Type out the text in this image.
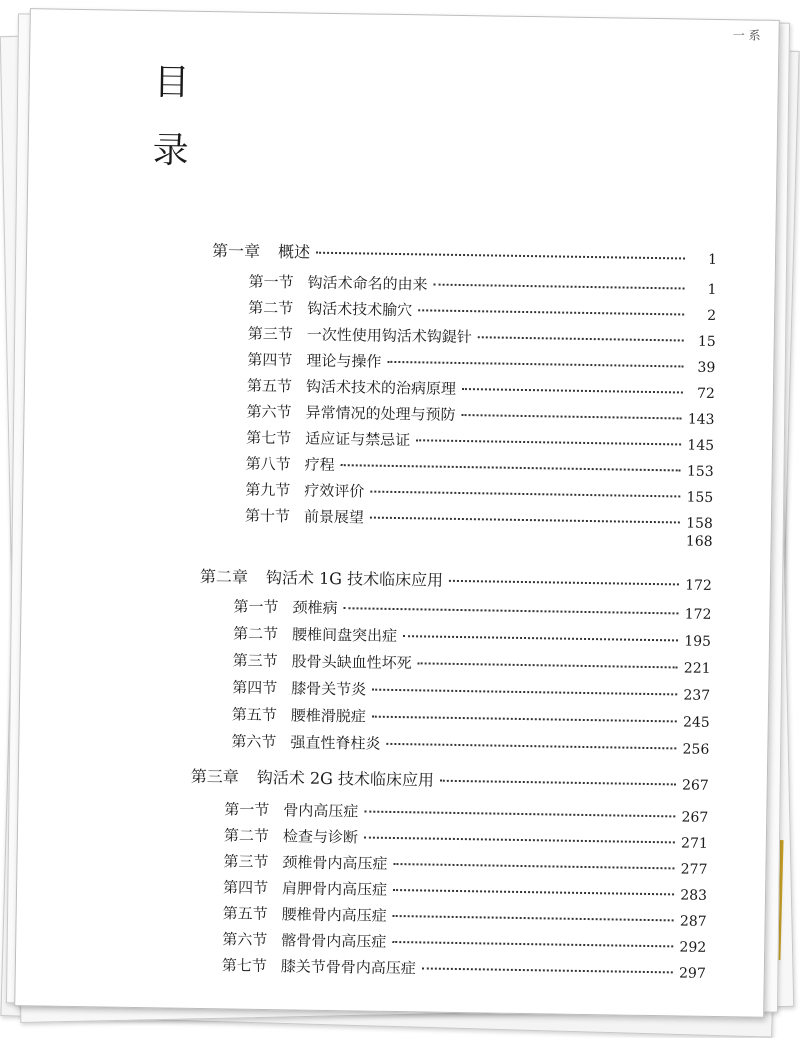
一 系
目
录
第一章 概述	1
第一节 钩活术命名的由来	1
第二节 钩活术技术腧穴	2
第三节 一次性使用钩活术钩鍉针	15
第四节 理论与操作	39
第五节 钩活术技术的治病原理	72
第六节 异常情况的处理与预防	143
第七节 适应证与禁忌证	145
第八节 疗程	153
第九节 疗效评价	155
第十节 前景展望	158
168
第二章 钩活术 1G 技术临床应用	172
第一节 颈椎病	172
第二节 腰椎间盘突出症	195
第三节 股骨头缺血性坏死	221
第四节 膝骨关节炎	237
第五节 腰椎滑脱症	245
第六节 强直性脊柱炎	256
第三章 钩活术 2G 技术临床应用	267
第一节 骨内高压症	267
第二节 检查与诊断	271
第三节 颈椎骨内高压症	277
第四节 肩胛骨内高压症	283
第五节 腰椎骨内高压症	287
第六节 髂骨骨内高压症	292
第七节 膝关节骨骨内高压症	297
